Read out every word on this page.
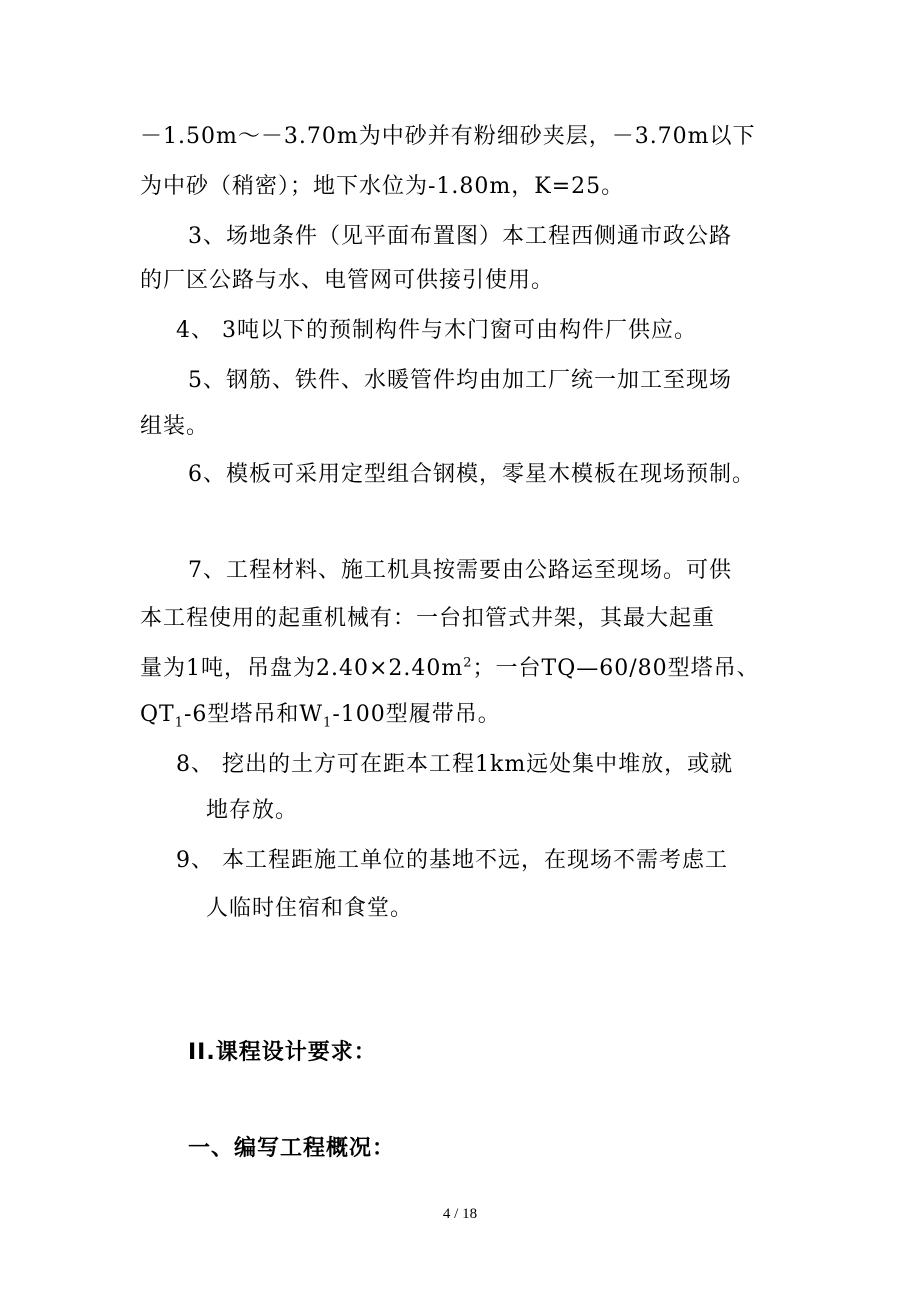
－1.50m～－3.70m为中砂并有粉细砂夹层，－3.70m以下
为中砂（稍密）；地下水位为-1.80m，K=25。
3、场地条件（见平面布置图）本工程西侧通市政公路
的厂区公路与水、电管网可供接引使用。
4、 3吨以下的预制构件与木门窗可由构件厂供应。
5、钢筋、铁件、水暖管件均由加工厂统一加工至现场
组装。
6、模板可采用定型组合钢模，零星木模板在现场预制。
7、工程材料、施工机具按需要由公路运至现场。可供
本工程使用的起重机械有：一台扣管式井架，其最大起重
量为1吨，吊盘为$2.40\times 2.40m^2$；一台TQ—60/80型塔吊、
$QT_1-6$型塔吊和$W_1-100$型履带吊。
8、 挖出的土方可在距本工程1km远处集中堆放，或就
地存放。
9、 本工程距施工单位的基地不远，在现场不需考虑工
人临时住宿和食堂。
II.课程设计要求：
一、编写工程概况：
4 / 18
